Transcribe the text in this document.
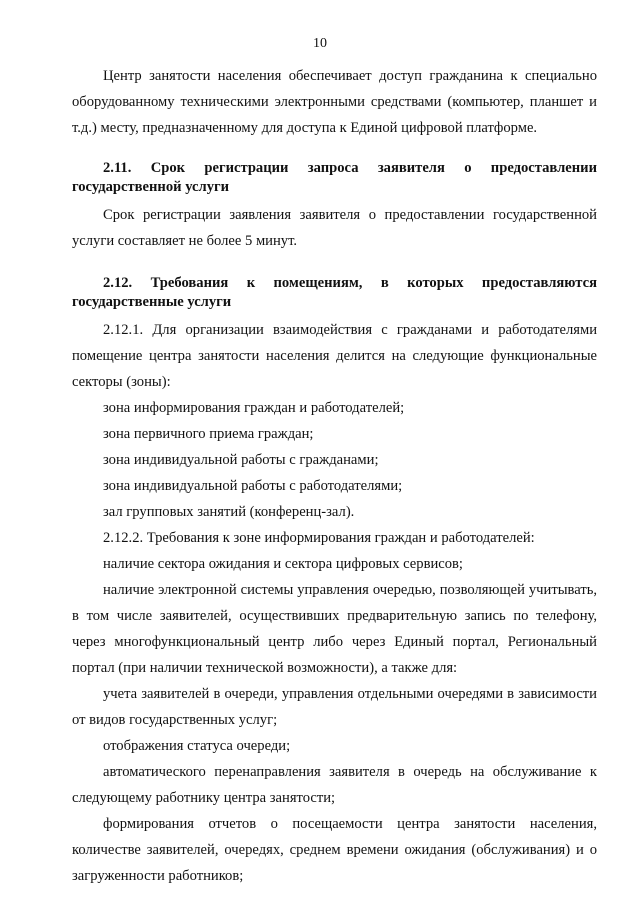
10

Центр занятости населения обеспечивает доступ гражданина к специально оборудованному техническими электронными средствами (компьютер, планшет и т.д.) месту, предназначенному для доступа к Единой цифровой платформе.

2.11. Срок регистрации запроса заявителя о предоставлении государственной услуги

Срок регистрации заявления заявителя о предоставлении государственной услуги составляет не более 5 минут.

2.12. Требования к помещениям, в которых предоставляются государственные услуги

2.12.1. Для организации взаимодействия с гражданами и работодателями помещение центра занятости населения делится на следующие функциональные секторы (зоны):

зона информирования граждан и работодателей;

зона первичного приема граждан;

зона индивидуальной работы с гражданами;

зона индивидуальной работы с работодателями;

зал групповых занятий (конференц-зал).

2.12.2. Требования к зоне информирования граждан и работодателей:

наличие сектора ожидания и сектора цифровых сервисов;

наличие электронной системы управления очередью, позволяющей учитывать, в том числе заявителей, осуществивших предварительную запись по телефону, через многофункциональный центр либо через Единый портал, Региональный портал (при наличии технической возможности), а также для:

учета заявителей в очереди, управления отдельными очередями в зависимости от видов государственных услуг;

отображения статуса очереди;

автоматического перенаправления заявителя в очередь на обслуживание к следующему работнику центра занятости;

формирования отчетов о посещаемости центра занятости населения, количестве заявителей, очередях, среднем времени ожидания (обслуживания) и о загруженности работников;
